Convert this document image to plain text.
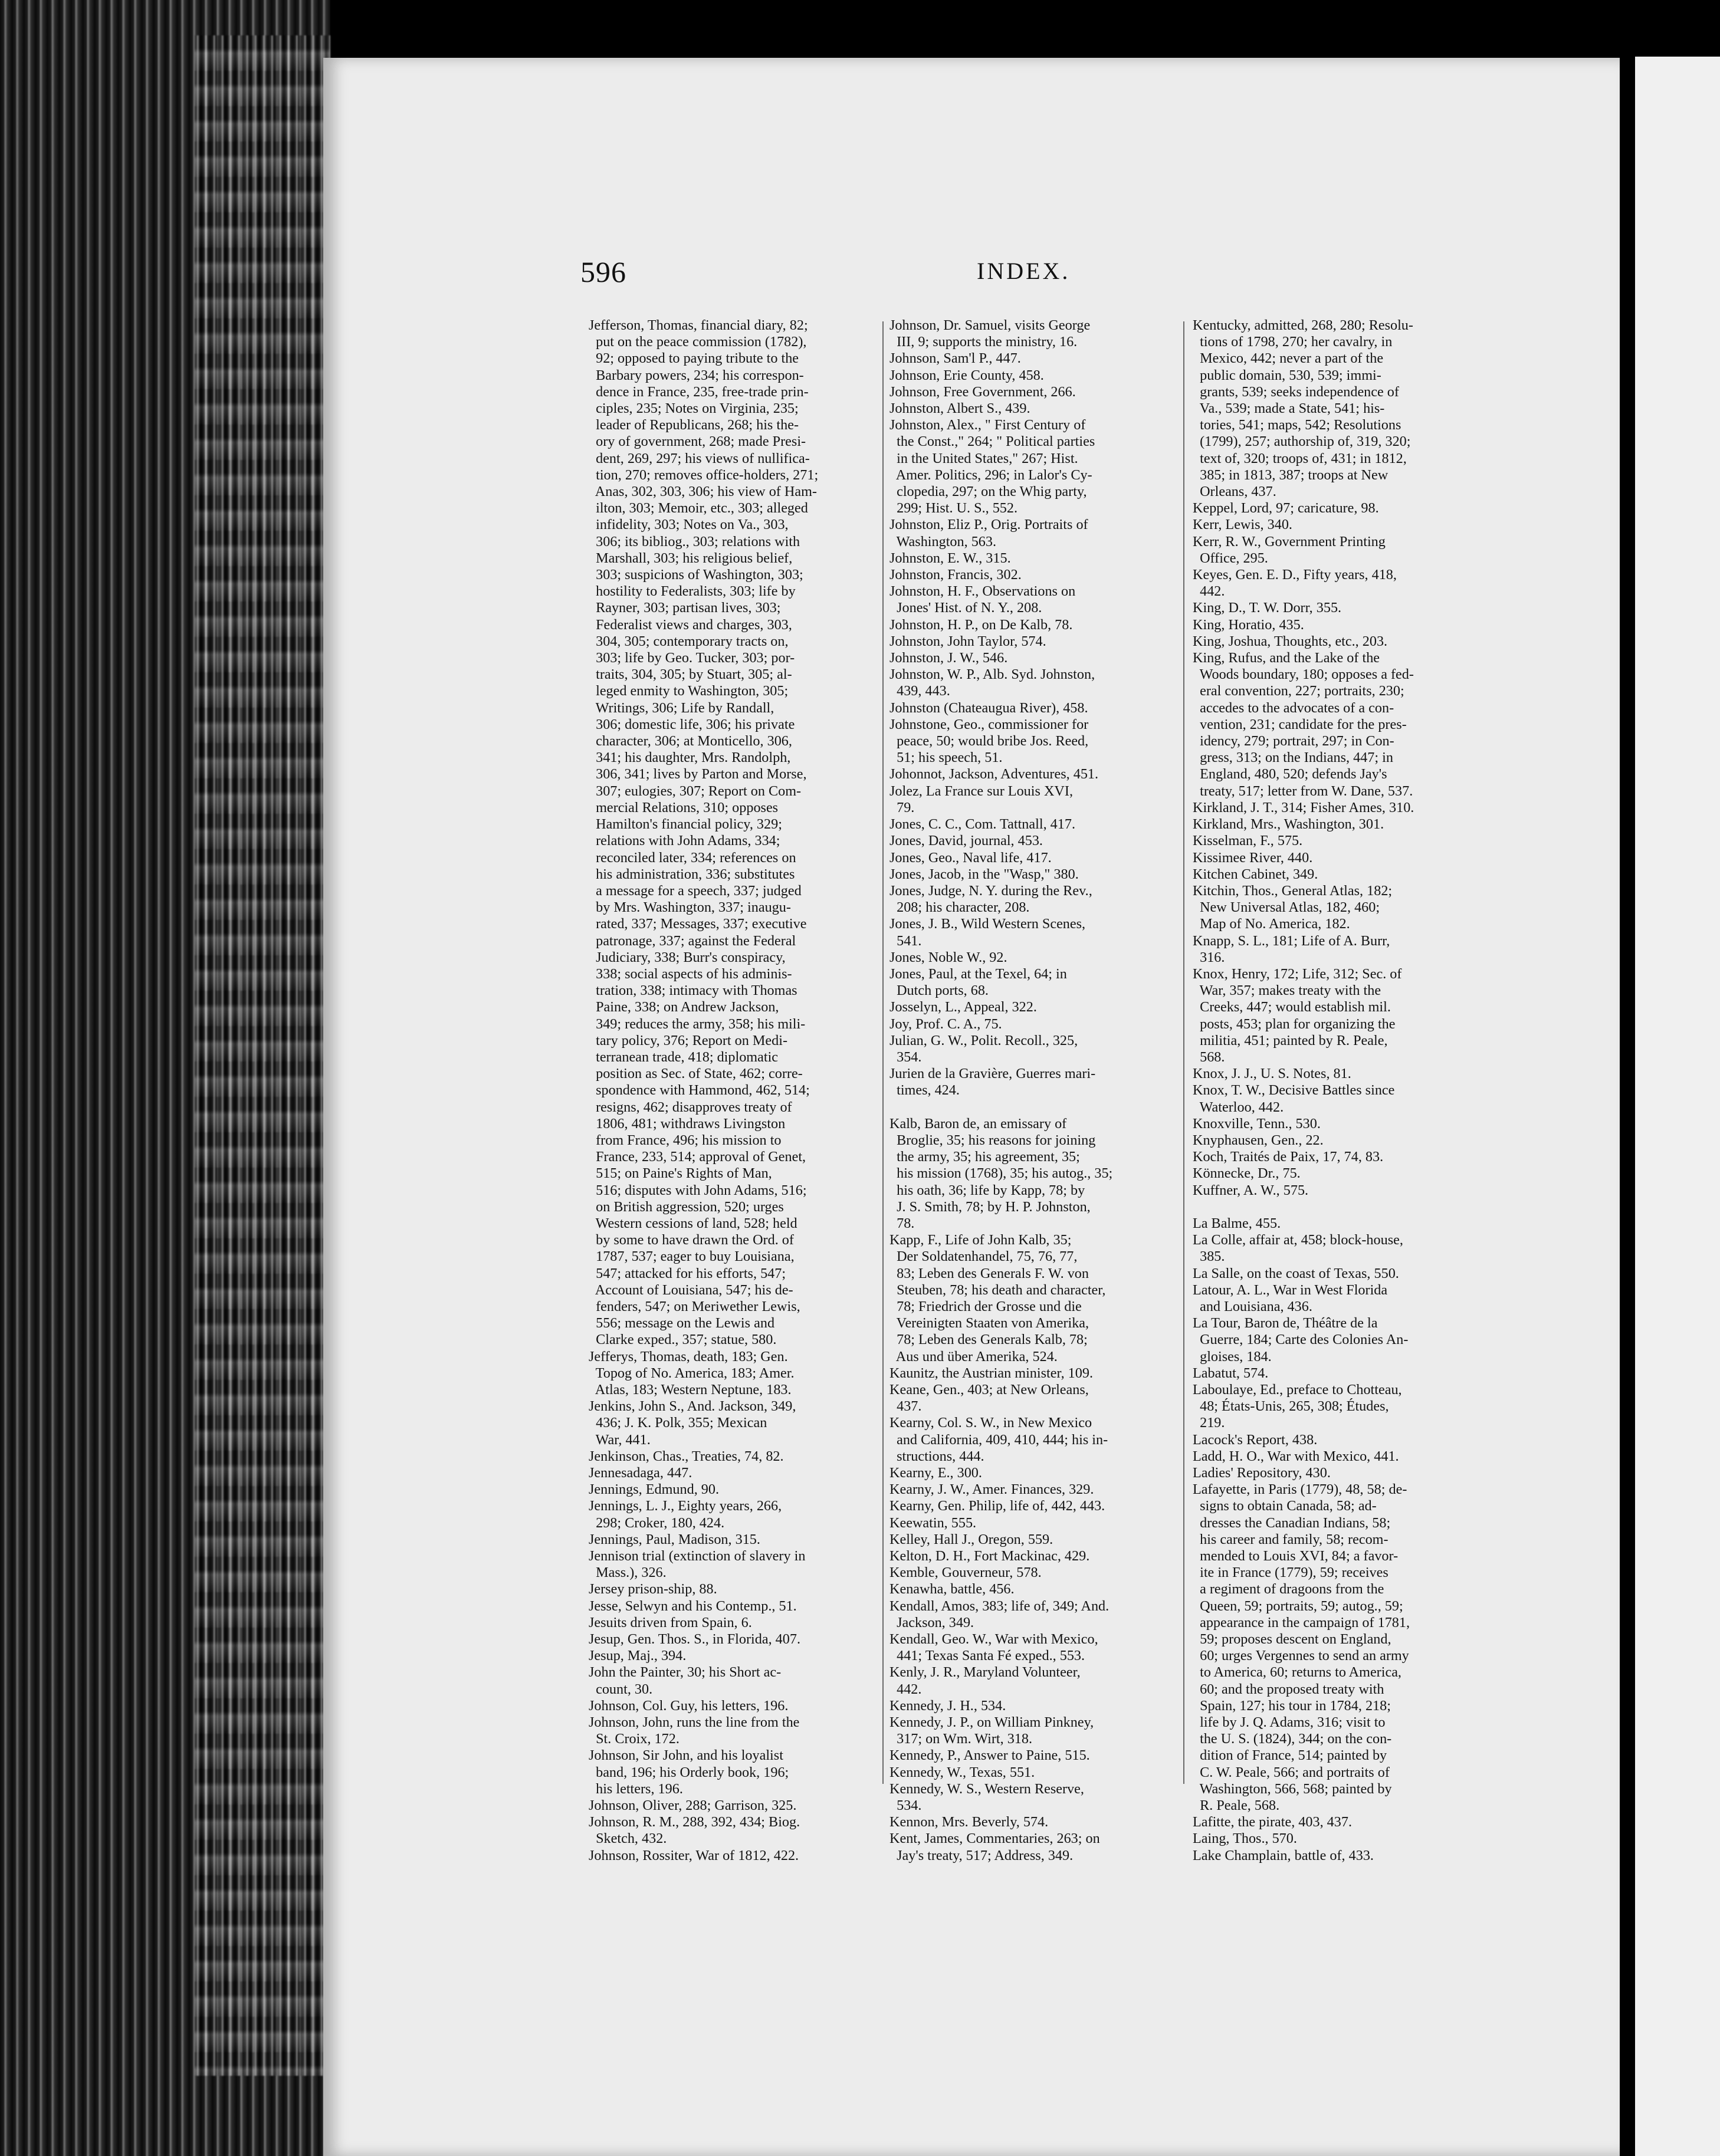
596	INDEX.
Jefferson, Thomas, financial diary, 82;
put on the peace commission (1782),
92; opposed to paying tribute to the
Barbary powers, 234; his correspon-
dence in France, 235, free-trade prin-
ciples, 235; Notes on Virginia, 235;
leader of Republicans, 268; his the-
ory of government, 268; made Presi-
dent, 269, 297; his views of nullifica-
tion, 270; removes office-holders, 271;
Anas, 302, 303, 306; his view of Ham-
ilton, 303; Memoir, etc., 303; alleged
infidelity, 303; Notes on Va., 303,
306; its bibliog., 303; relations with
Marshall, 303; his religious belief,
303; suspicions of Washington, 303;
hostility to Federalists, 303; life by
Rayner, 303; partisan lives, 303;
Federalist views and charges, 303,
304, 305; contemporary tracts on,
303; life by Geo. Tucker, 303; por-
traits, 304, 305; by Stuart, 305; al-
leged enmity to Washington, 305;
Writings, 306; Life by Randall,
306; domestic life, 306; his private
character, 306; at Monticello, 306,
341; his daughter, Mrs. Randolph,
306, 341; lives by Parton and Morse,
307; eulogies, 307; Report on Com-
mercial Relations, 310; opposes
Hamilton's financial policy, 329;
relations with John Adams, 334;
reconciled later, 334; references on
his administration, 336; substitutes
a message for a speech, 337; judged
by Mrs. Washington, 337; inaugu-
rated, 337; Messages, 337; executive
patronage, 337; against the Federal
Judiciary, 338; Burr's conspiracy,
338; social aspects of his adminis-
tration, 338; intimacy with Thomas
Paine, 338; on Andrew Jackson,
349; reduces the army, 358; his mili-
tary policy, 376; Report on Medi-
terranean trade, 418; diplomatic
position as Sec. of State, 462; corre-
spondence with Hammond, 462, 514;
resigns, 462; disapproves treaty of
1806, 481; withdraws Livingston
from France, 496; his mission to
France, 233, 514; approval of Genet,
515; on Paine's Rights of Man,
516; disputes with John Adams, 516;
on British aggression, 520; urges
Western cessions of land, 528; held
by some to have drawn the Ord. of
1787, 537; eager to buy Louisiana,
547; attacked for his efforts, 547;
Account of Louisiana, 547; his de-
fenders, 547; on Meriwether Lewis,
556; message on the Lewis and
Clarke exped., 357; statue, 580.
Jefferys, Thomas, death, 183; Gen.
Topog of No. America, 183; Amer.
Atlas, 183; Western Neptune, 183.
Jenkins, John S., And. Jackson, 349,
436; J. K. Polk, 355; Mexican
War, 441.
Jenkinson, Chas., Treaties, 74, 82.
Jennesadaga, 447.
Jennings, Edmund, 90.
Jennings, L. J., Eighty years, 266,
298; Croker, 180, 424.
Jennings, Paul, Madison, 315.
Jennison trial (extinction of slavery in
Mass.), 326.
Jersey prison-ship, 88.
Jesse, Selwyn and his Contemp., 51.
Jesuits driven from Spain, 6.
Jesup, Gen. Thos. S., in Florida, 407.
Jesup, Maj., 394.
John the Painter, 30; his Short ac-
count, 30.
Johnson, Col. Guy, his letters, 196.
Johnson, John, runs the line from the
St. Croix, 172.
Johnson, Sir John, and his loyalist
band, 196; his Orderly book, 196;
his letters, 196.
Johnson, Oliver, 288; Garrison, 325.
Johnson, R. M., 288, 392, 434; Biog.
Sketch, 432.
Johnson, Rossiter, War of 1812, 422.
Johnson, Dr. Samuel, visits George
III, 9; supports the ministry, 16.
Johnson, Sam'l P., 447.
Johnson, Erie County, 458.
Johnson, Free Government, 266.
Johnston, Albert S., 439.
Johnston, Alex., " First Century of
the Const.," 264; " Political parties
in the United States," 267; Hist.
Amer. Politics, 296; in Lalor's Cy-
clopedia, 297; on the Whig party,
299; Hist. U. S., 552.
Johnston, Eliz P., Orig. Portraits of
Washington, 563.
Johnston, E. W., 315.
Johnston, Francis, 302.
Johnston, H. F., Observations on
Jones' Hist. of N. Y., 208.
Johnston, H. P., on De Kalb, 78.
Johnston, John Taylor, 574.
Johnston, J. W., 546.
Johnston, W. P., Alb. Syd. Johnston,
439, 443.
Johnston (Chateaugua River), 458.
Johnstone, Geo., commissioner for
peace, 50; would bribe Jos. Reed,
51; his speech, 51.
Johonnot, Jackson, Adventures, 451.
Jolez, La France sur Louis XVI,
79.
Jones, C. C., Com. Tattnall, 417.
Jones, David, journal, 453.
Jones, Geo., Naval life, 417.
Jones, Jacob, in the "Wasp," 380.
Jones, Judge, N. Y. during the Rev.,
208; his character, 208.
Jones, J. B., Wild Western Scenes,
541.
Jones, Noble W., 92.
Jones, Paul, at the Texel, 64; in
Dutch ports, 68.
Josselyn, L., Appeal, 322.
Joy, Prof. C. A., 75.
Julian, G. W., Polit. Recoll., 325,
354.
Jurien de la Gravière, Guerres mari-
times, 424.

Kalb, Baron de, an emissary of
Broglie, 35; his reasons for joining
the army, 35; his agreement, 35;
his mission (1768), 35; his autog., 35;
his oath, 36; life by Kapp, 78; by
J. S. Smith, 78; by H. P. Johnston,
78.
Kapp, F., Life of John Kalb, 35;
Der Soldatenhandel, 75, 76, 77,
83; Leben des Generals F. W. von
Steuben, 78; his death and character,
78; Friedrich der Grosse und die
Vereinigten Staaten von Amerika,
78; Leben des Generals Kalb, 78;
Aus und über Amerika, 524.
Kaunitz, the Austrian minister, 109.
Keane, Gen., 403; at New Orleans,
437.
Kearny, Col. S. W., in New Mexico
and California, 409, 410, 444; his in-
structions, 444.
Kearny, E., 300.
Kearny, J. W., Amer. Finances, 329.
Kearny, Gen. Philip, life of, 442, 443.
Keewatin, 555.
Kelley, Hall J., Oregon, 559.
Kelton, D. H., Fort Mackinac, 429.
Kemble, Gouverneur, 578.
Kenawha, battle, 456.
Kendall, Amos, 383; life of, 349; And.
Jackson, 349.
Kendall, Geo. W., War with Mexico,
441; Texas Santa Fé exped., 553.
Kenly, J. R., Maryland Volunteer,
442.
Kennedy, J. H., 534.
Kennedy, J. P., on William Pinkney,
317; on Wm. Wirt, 318.
Kennedy, P., Answer to Paine, 515.
Kennedy, W., Texas, 551.
Kennedy, W. S., Western Reserve,
534.
Kennon, Mrs. Beverly, 574.
Kent, James, Commentaries, 263; on
Jay's treaty, 517; Address, 349.
Kentucky, admitted, 268, 280; Resolu-
tions of 1798, 270; her cavalry, in
Mexico, 442; never a part of the
public domain, 530, 539; immi-
grants, 539; seeks independence of
Va., 539; made a State, 541; his-
tories, 541; maps, 542; Resolutions
(1799), 257; authorship of, 319, 320;
text of, 320; troops of, 431; in 1812,
385; in 1813, 387; troops at New
Orleans, 437.
Keppel, Lord, 97; caricature, 98.
Kerr, Lewis, 340.
Kerr, R. W., Government Printing
Office, 295.
Keyes, Gen. E. D., Fifty years, 418,
442.
King, D., T. W. Dorr, 355.
King, Horatio, 435.
King, Joshua, Thoughts, etc., 203.
King, Rufus, and the Lake of the
Woods boundary, 180; opposes a fed-
eral convention, 227; portraits, 230;
accedes to the advocates of a con-
vention, 231; candidate for the pres-
idency, 279; portrait, 297; in Con-
gress, 313; on the Indians, 447; in
England, 480, 520; defends Jay's
treaty, 517; letter from W. Dane, 537.
Kirkland, J. T., 314; Fisher Ames, 310.
Kirkland, Mrs., Washington, 301.
Kisselman, F., 575.
Kissimee River, 440.
Kitchen Cabinet, 349.
Kitchin, Thos., General Atlas, 182;
New Universal Atlas, 182, 460;
Map of No. America, 182.
Knapp, S. L., 181; Life of A. Burr,
316.
Knox, Henry, 172; Life, 312; Sec. of
War, 357; makes treaty with the
Creeks, 447; would establish mil.
posts, 453; plan for organizing the
militia, 451; painted by R. Peale,
568.
Knox, J. J., U. S. Notes, 81.
Knox, T. W., Decisive Battles since
Waterloo, 442.
Knoxville, Tenn., 530.
Knyphausen, Gen., 22.
Koch, Traités de Paix, 17, 74, 83.
Könnecke, Dr., 75.
Kuffner, A. W., 575.

La Balme, 455.
La Colle, affair at, 458; block-house,
385.
La Salle, on the coast of Texas, 550.
Latour, A. L., War in West Florida
and Louisiana, 436.
La Tour, Baron de, Théâtre de la
Guerre, 184; Carte des Colonies An-
gloises, 184.
Labatut, 574.
Laboulaye, Ed., preface to Chotteau,
48; États-Unis, 265, 308; Études,
219.
Lacock's Report, 438.
Ladd, H. O., War with Mexico, 441.
Ladies' Repository, 430.
Lafayette, in Paris (1779), 48, 58; de-
signs to obtain Canada, 58; ad-
dresses the Canadian Indians, 58;
his career and family, 58; recom-
mended to Louis XVI, 84; a favor-
ite in France (1779), 59; receives
a regiment of dragoons from the
Queen, 59; portraits, 59; autog., 59;
appearance in the campaign of 1781,
59; proposes descent on England,
60; urges Vergennes to send an army
to America, 60; returns to America,
60; and the proposed treaty with
Spain, 127; his tour in 1784, 218;
life by J. Q. Adams, 316; visit to
the U. S. (1824), 344; on the con-
dition of France, 514; painted by
C. W. Peale, 566; and portraits of
Washington, 566, 568; painted by
R. Peale, 568.
Lafitte, the pirate, 403, 437.
Laing, Thos., 570.
Lake Champlain, battle of, 433.
